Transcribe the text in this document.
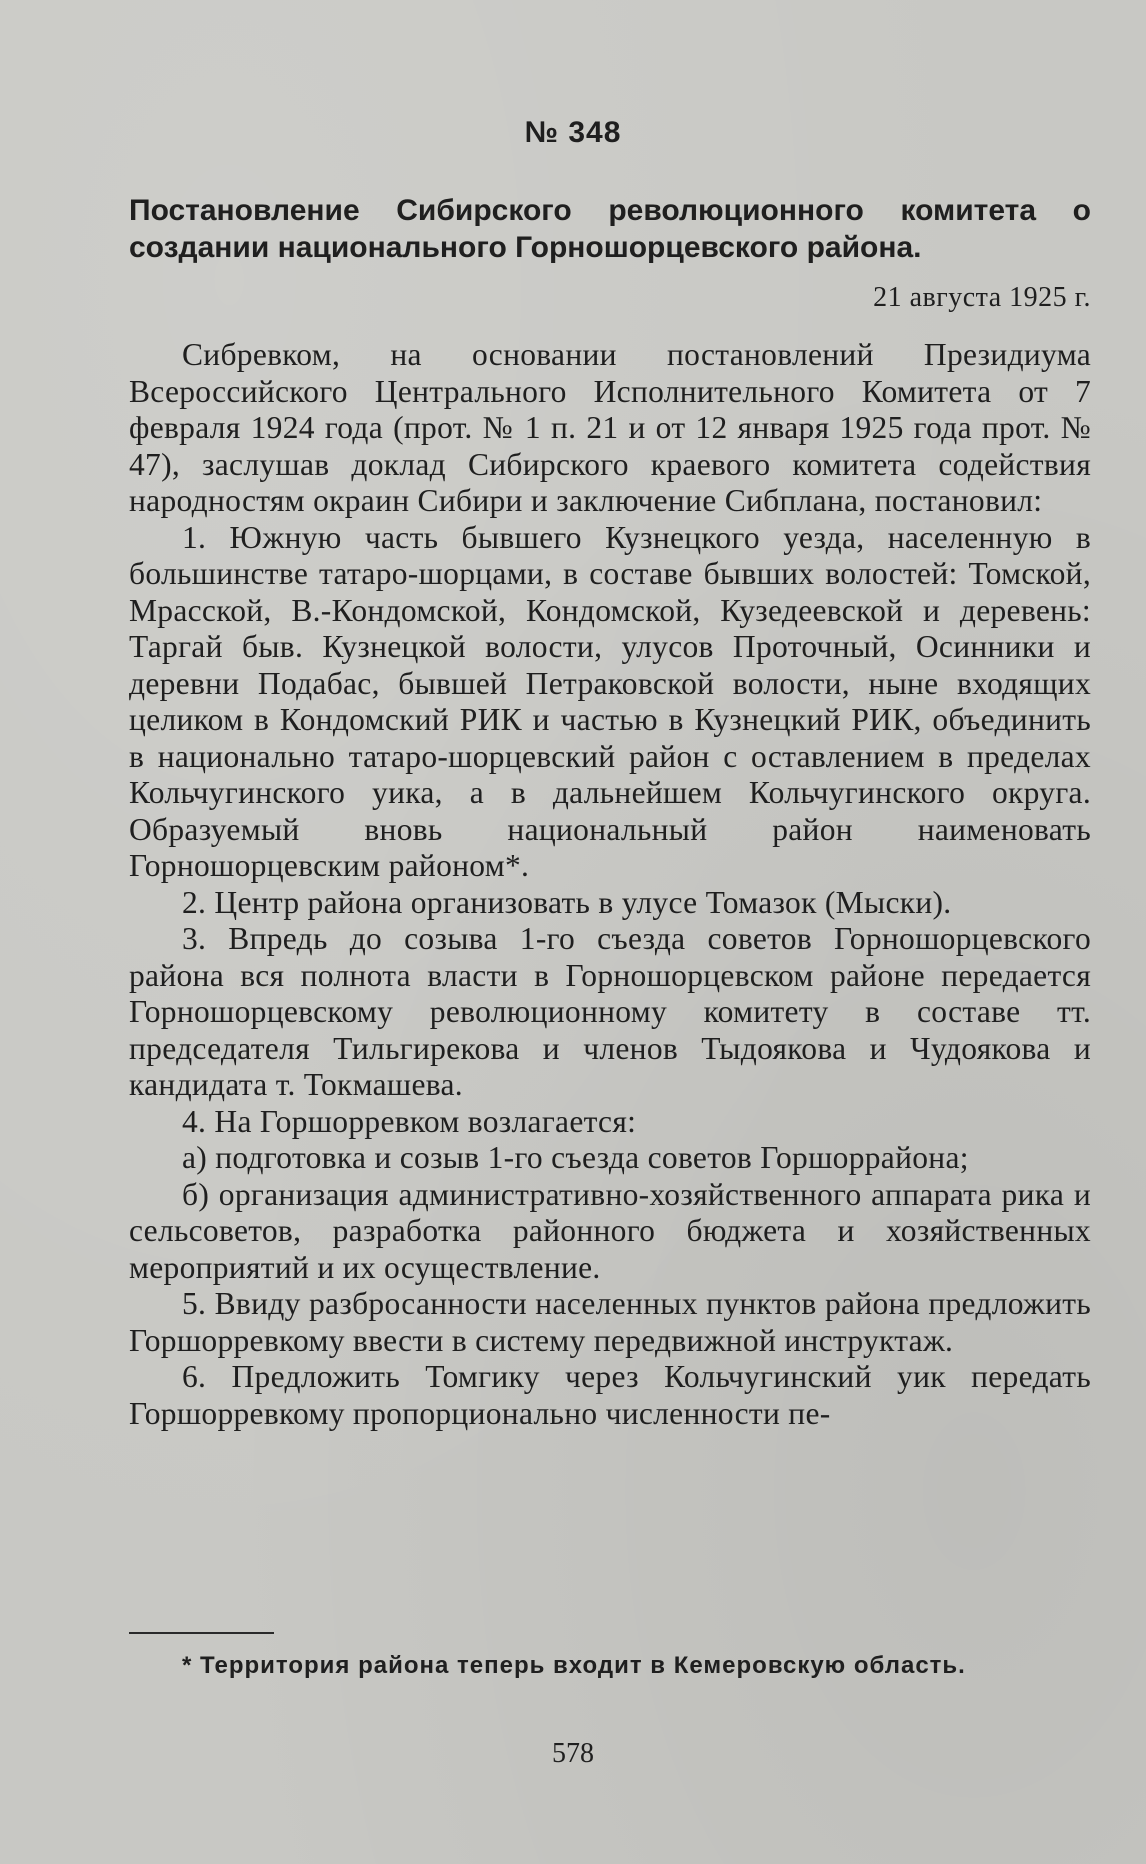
№ 348
Постановление Сибирского революционного комитета о создании национального Горношорцевского района.
21 августа 1925 г.

Сибревком, на основании постановлений Президиума Всероссийского Центрального Исполнительного Комитета от 7 февраля 1924 года (прот. № 1 п. 21 и от 12 января 1925 года прот. № 47), заслушав доклад Сибирского краевого комитета содействия народностям окраин Сибири и заключение Сибплана, постановил:

1. Южную часть бывшего Кузнецкого уезда, населенную в большинстве татаро-шорцами, в составе бывших волостей: Томской, Мрасской, В.-Кондомской, Кондомской, Кузедеевской и деревень: Таргай быв. Кузнецкой волости, улусов Проточный, Осинники и деревни Подабас, бывшей Петраковской волости, ныне входящих целиком в Кондомский РИК и частью в Кузнецкий РИК, объединить в национально татаро-шорцевский район с оставлением в пределах Кольчугинского уика, а в дальнейшем Кольчугинского округа. Образуемый вновь национальный район наименовать Горношорцевским районом*.

2. Центр района организовать в улусе Томазок (Мыски).

3. Впредь до созыва 1-го съезда советов Горношорцевского района вся полнота власти в Горношорцевском районе передается Горношорцевскому революционному комитету в составе тт. председателя Тильгирекова и членов Тыдоякова и Чудоякова и кандидата т. Токмашева.

4. На Горшорревком возлагается:

а) подготовка и созыв 1-го съезда советов Горшоррайона;

б) организация административно-хозяйственного аппарата рика и сельсоветов, разработка районного бюджета и хозяйственных мероприятий и их осуществление.

5. Ввиду разбросанности населенных пунктов района предложить Горшорревкому ввести в систему передвижной инструктаж.

6. Предложить Томгику через Кольчугинский уик передать Горшорревкому пропорционально численности пе-

* Территория района теперь входит в Кемеровскую область.
578
